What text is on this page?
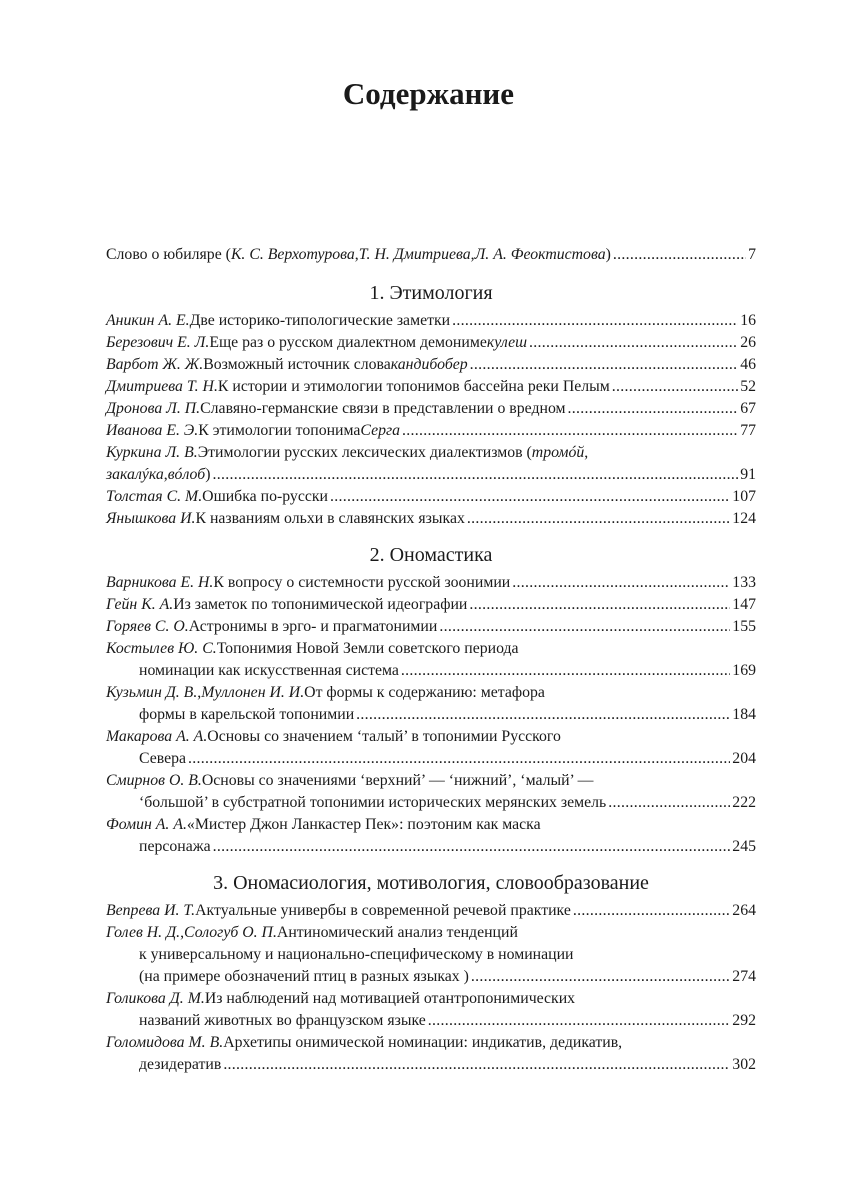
Содержание
Слово о юбиляре ( К. С. Верхотурова , Т. Н. Дмитриева , Л. А. Феоктистова ) .....	7
1. Этимология
Аникин А. Е. Две историко-типологические заметки .....	16
Березович Е. Л. Еще раз о русском диалектном демониме кулеш .....	26
Варбот Ж. Ж. Возможный источник слова кандибобер .....	46
Дмитриева Т. Н. К истории и этимологии топонимов бассейна реки Пелым .....	52
Дронова Л. П. Славяно-германские связи в представлении о вредном .....	67
Иванова Е. Э. К этимологии топонима Серга .....	77
Куркина Л. В. Этимологии русских лексических диалектизмов ( тромóй ,
закалýка , вóлоб ) .....	91
Толстая С. М. Ошибка по-русски .....	107
Янышкова И. К названиям ольхи в славянских языках .....	124
2. Ономастика
Варникова Е. Н. К вопросу о системности русской зоонимии .....	133
Гейн К. А. Из заметок по топонимической идеографии .....	147
Горяев С. О. Астронимы в эрго- и прагматонимии .....	155
Костылев Ю. С. Топонимия Новой Земли советского периода
номинации как искусственная система .....	169
Кузьмин Д. В. , Муллонен И. И. От формы к содержанию: метафора
формы в карельской топонимии .....	184
Макарова А. А. Основы со значением ‘талый’ в топонимии Русского
Севера .....	204
Смирнов О. В. Основы со значениями ‘верхний’ — ‘нижний’, ‘малый’ —
‘большой’ в субстратной топонимии исторических мерянских земель .....	222
Фомин А. А. «Мистер Джон Ланкастер Пек»: поэтоним как маска
персонажа .....	245
3. Ономасиология, мотивология, словообразование
Вепрева И. Т. Актуальные универбы в современной речевой практике .....	264
Голев Н. Д. , Сологуб О. П. Антиномический анализ тенденций
к универсальному и национально-специфическому в номинации
(на примере обозначений птиц в разных языках ) .....	274
Голикова Д. М. Из наблюдений над мотивацией отантропонимических
названий животных во французском языке .....	292
Голомидова М. В. Архетипы онимической номинации: индикатив, дедикатив,
дезидератив .....	302
